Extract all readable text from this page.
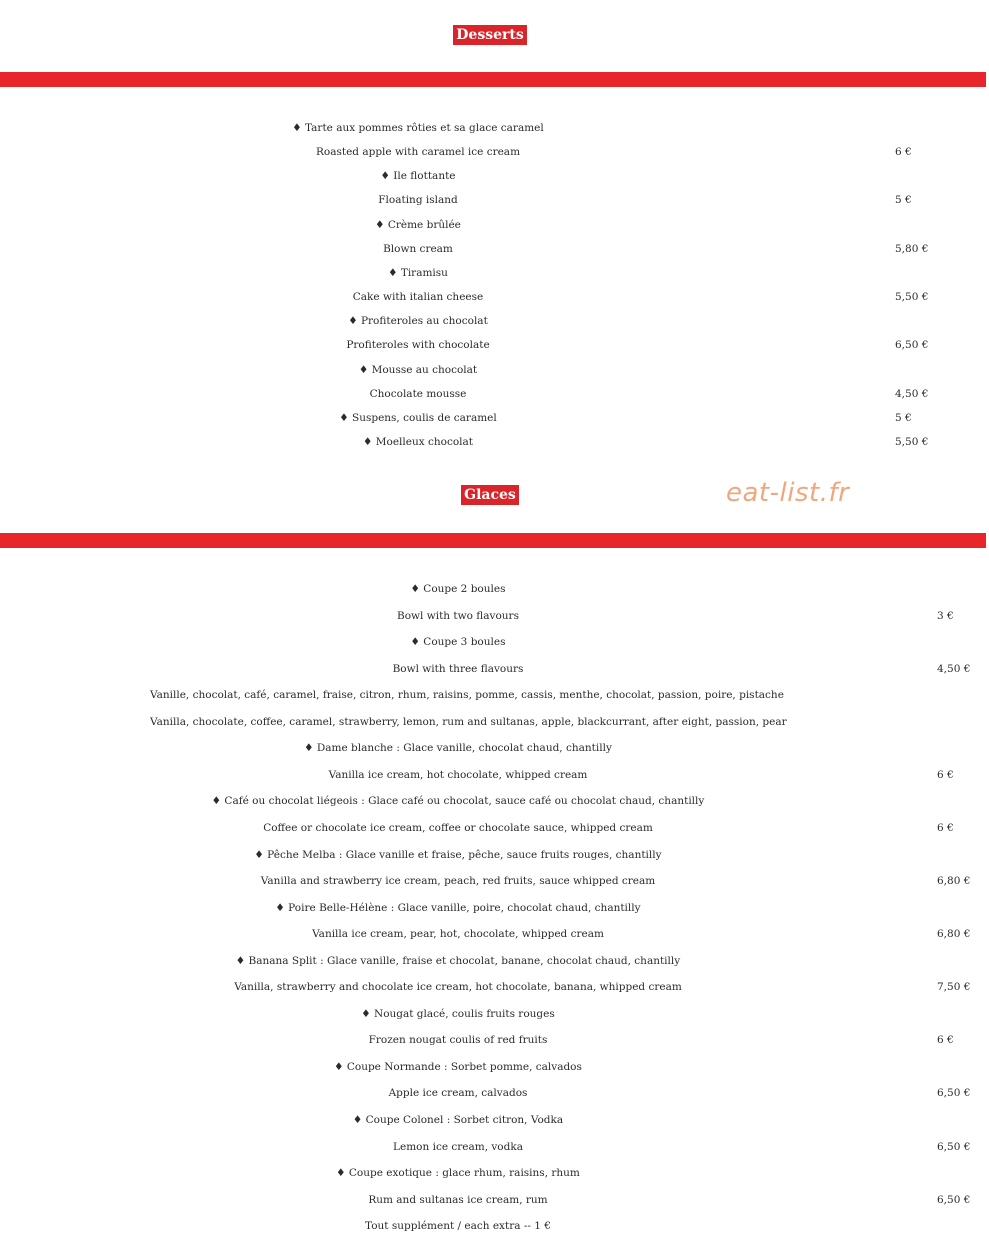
Desserts
♦ Tarte aux pommes rôties et sa glace caramel
Roasted apple with caramel ice cream	6 €
♦ Ile flottante
Floating island	5 €
♦ Crème brûlée
Blown cream	5,80 €
♦ Tiramisu
Cake with italian cheese	5,50 €
♦ Profiteroles au chocolat
Profiteroles with chocolate	6,50 €
♦ Mousse au chocolat
Chocolate mousse	4,50 €
♦ Suspens, coulis de caramel	5 €
♦ Moelleux chocolat	5,50 €
Glaces	eat-list.fr
♦ Coupe 2 boules
Bowl with two flavours	3 €
♦ Coupe 3 boules
Bowl with three flavours	4,50 €
Vanille, chocolat, café, caramel, fraise, citron, rhum, raisins, pomme, cassis, menthe, chocolat, passion, poire, pistache
Vanilla, chocolate, coffee, caramel, strawberry, lemon, rum and sultanas, apple, blackcurrant, after eight, passion, pear
♦ Dame blanche : Glace vanille, chocolat chaud, chantilly
Vanilla ice cream, hot chocolate, whipped cream	6 €
♦ Café ou chocolat liégeois : Glace café ou chocolat, sauce café ou chocolat chaud, chantilly
Coffee or chocolate ice cream, coffee or chocolate sauce, whipped cream	6 €
♦ Pêche Melba : Glace vanille et fraise, pêche, sauce fruits rouges, chantilly
Vanilla and strawberry ice cream, peach, red fruits, sauce whipped cream	6,80 €
♦ Poire Belle-Hélène : Glace vanille, poire, chocolat chaud, chantilly
Vanilla ice cream, pear, hot, chocolate, whipped cream	6,80 €
♦ Banana Split : Glace vanille, fraise et chocolat, banane, chocolat chaud, chantilly
Vanilla, strawberry and chocolate ice cream, hot chocolate, banana, whipped cream	7,50 €
♦ Nougat glacé, coulis fruits rouges
Frozen nougat coulis of red fruits	6 €
♦ Coupe Normande : Sorbet pomme, calvados
Apple ice cream, calvados	6,50 €
♦ Coupe Colonel : Sorbet citron, Vodka
Lemon ice cream, vodka	6,50 €
♦ Coupe exotique : glace rhum, raisins, rhum
Rum and sultanas ice cream, rum	6,50 €
Tout supplément / each extra -- 1 €
